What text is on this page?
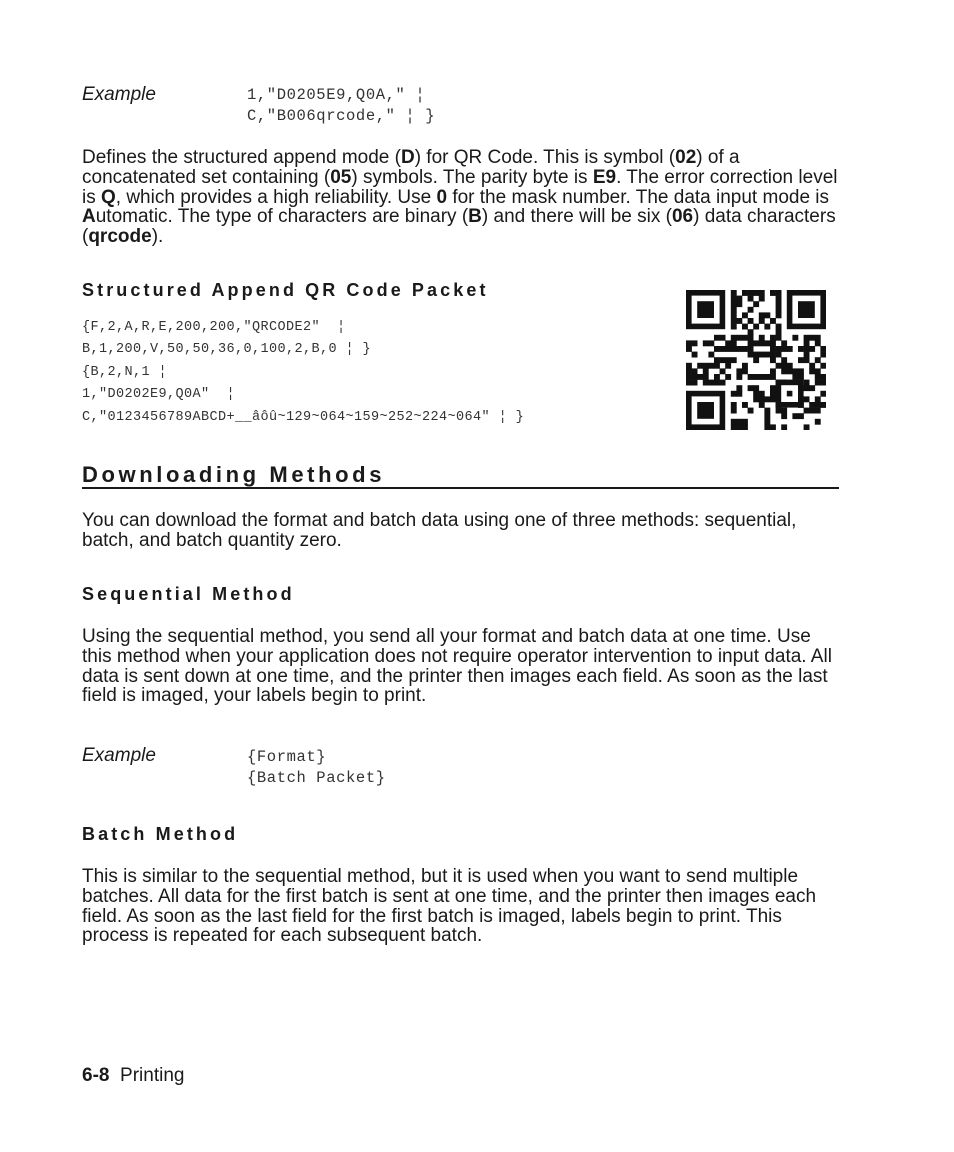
Example	1,"D0205E9,Q0A," ¦
C,"B006qrcode," ¦ }
Defines the structured append mode (D) for QR Code. This is symbol (02) of a concatenated set containing (05) symbols. The parity byte is E9. The error correction level is Q, which provides a high reliability. Use 0 for the mask number. The data input mode is Automatic. The type of characters are binary (B) and there will be six (06) data characters (qrcode).
Structured Append QR Code Packet
{F,2,A,R,E,200,200,"QRCODE2"  ¦
B,1,200,V,50,50,36,0,100,2,B,0 ¦ }
{B,2,N,1 ¦
1,"D0202E9,Q0A"  ¦
C,"0123456789ABCD+__âôû~129~064~159~252~224~064" ¦ }
Downloading Methods
You can download the format and batch data using one of three methods: sequential, batch, and batch quantity zero.
Sequential Method
Using the sequential method, you send all your format and batch data at one time. Use this method when your application does not require operator intervention to input data. All data is sent down at one time, and the printer then images each field. As soon as the last field is imaged, your labels begin to print.
Example	{Format}
{Batch Packet}
Batch Method
This is similar to the sequential method, but it is used when you want to send multiple batches. All data for the first batch is sent at one time, and the printer then images each field. As soon as the last field for the first batch is imaged, labels begin to print. This process is repeated for each subsequent batch.
6-8 Printing
